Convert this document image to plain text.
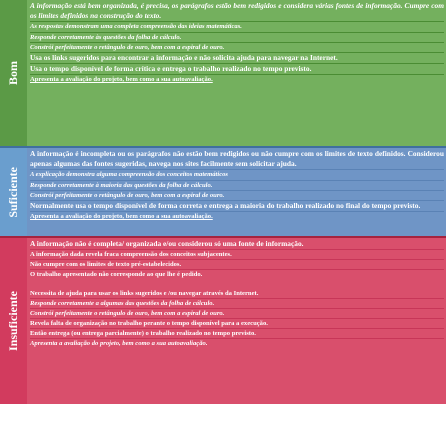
Bom

A informação está bem organizada, é precisa, os parágrafos estão bem redigidos e considera várias fontes de informação. Cumpre com os limites definidos na construção do texto.

As respostas demonstram uma completa compreensão das ideias matemáticas.

Responde corretamente às questões da folha de cálculo.

Constrói perfeitamente o retângulo de ouro, bem com a espiral de ouro.

Usa os links sugeridos para encontrar a informação e não solicita ajuda para navegar na Internet.

Usa o tempo disponível de forma crítica e entrega o trabalho realizado no tempo previsto.

Apresenta a avaliação do projeto, bem como a sua autoavaliação.

Suficiente

A informação é incompleta ou os parágrafos não estão bem redigidos ou não cumpre com os limites de texto definidos. Considerou apenas algumas das fontes sugeridas, navega nos sites facilmente sem solicitar ajuda.

A explicação demonstra alguma compreensão dos conceitos matemáticos

Responde corretamente à maioria das questões da folha de cálculo.

Constrói perfeitamente o retângulo de ouro, bem com a espiral de ouro.

Normalmente usa o tempo disponível de forma correta e entrega a maioria do trabalho realizado no final do tempo previsto.

Apresenta a avaliação do projeto, bem como a sua autoavaliação.

Insuficiente

A informação não é completa/ organizada e/ou considerou só uma fonte de informação.

A informação dada revela fraca compreensão dos conceitos subjacentes.

Não cumpre com os limites de texto pré-estabelecidos.

O trabalho apresentado não corresponde ao que lhe é pedido.

Necessita de ajuda para usar os links sugeridos e /ou navegar através da Internet.

Responde corretamente a algumas das questões da folha de cálculo.

Constrói perfeitamente o retângulo de ouro, bem com a espiral de ouro.

Revela falta de organização no trabalho perante o tempo disponível para a execução.

Então entrega (ou entrega parcialmente) o trabalho realizado no tempo previsto.

Apresenta a avaliação do projeto, bem como a sua autoavaliação.
